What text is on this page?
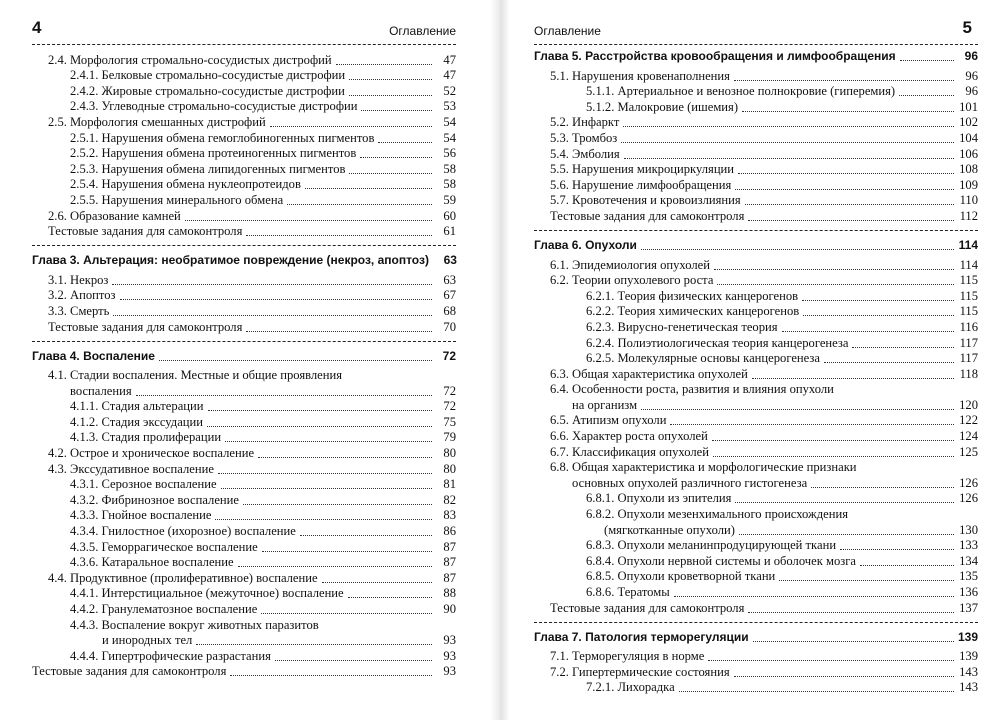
4	Оглавление
2.4. Морфология стромально-сосудистых дистрофий	47
2.4.1. Белковые стромально-сосудистые дистрофии	47
2.4.2. Жировые стромально-сосудистые дистрофии	52
2.4.3. Углеводные стромально-сосудистые дистрофии	53
2.5. Морфология смешанных дистрофий	54
2.5.1. Нарушения обмена гемоглобиногенных пигментов	54
2.5.2. Нарушения обмена протеиногенных пигментов	56
2.5.3. Нарушения обмена липидогенных пигментов	58
2.5.4. Нарушения обмена нуклеопротеидов	58
2.5.5. Нарушения минерального обмена	59
2.6. Образование камней	60
Тестовые задания для самоконтроля	61
Глава 3. Альтерация: необратимое повреждение (некроз, апоптоз)	63
3.1. Некроз	63
3.2. Апоптоз	67
3.3. Смерть	68
Тестовые задания для самоконтроля	70
Глава 4. Воспаление	72
4.1. Стадии воспаления. Местные и общие проявления
воспаления	72
4.1.1. Стадия альтерации	72
4.1.2. Стадия экссудации	75
4.1.3. Стадия пролиферации	79
4.2. Острое и хроническое воспаление	80
4.3. Экссудативное воспаление	80
4.3.1. Серозное воспаление	81
4.3.2. Фибринозное воспаление	82
4.3.3. Гнойное воспаление	83
4.3.4. Гнилостное (ихорозное) воспаление	86
4.3.5. Геморрагическое воспаление	87
4.3.6. Катаральное воспаление	87
4.4. Продуктивное (пролиферативное) воспаление	87
4.4.1. Интерстициальное (межуточное) воспаление	88
4.4.2. Гранулематозное воспаление	90
4.4.3. Воспаление вокруг животных паразитов
и инородных тел	93
4.4.4. Гипертрофические разрастания	93
Тестовые задания для самоконтроля	93
Оглавление	5
Глава 5. Расстройства кровообращения и лимфообращения	96
5.1. Нарушения кровенаполнения	96
5.1.1. Артериальное и венозное полнокровие (гиперемия)	96
5.1.2. Малокровие (ишемия)	101
5.2. Инфаркт	102
5.3. Тромбоз	104
5.4. Эмболия	106
5.5. Нарушения микроциркуляции	108
5.6. Нарушение лимфообращения	109
5.7. Кровотечения и кровоизлияния	110
Тестовые задания для самоконтроля	112
Глава 6. Опухоли	114
6.1. Эпидемиология опухолей	114
6.2. Теории опухолевого роста	115
6.2.1. Теория физических канцерогенов	115
6.2.2. Теория химических канцерогенов	115
6.2.3. Вирусно-генетическая теория	116
6.2.4. Полиэтиологическая теория канцерогенеза	117
6.2.5. Молекулярные основы канцерогенеза	117
6.3. Общая характеристика опухолей	118
6.4. Особенности роста, развития и влияния опухоли
на организм	120
6.5. Атипизм опухоли	122
6.6. Характер роста опухолей	124
6.7. Классификация опухолей	125
6.8. Общая характеристика и морфологические признаки
основных опухолей различного гистогенеза	126
6.8.1. Опухоли из эпителия	126
6.8.2. Опухоли мезенхимального происхождения
(мягкотканные опухоли)	130
6.8.3. Опухоли меланинпродуцирующей ткани	133
6.8.4. Опухоли нервной системы и оболочек мозга	134
6.8.5. Опухоли кроветворной ткани	135
6.8.6. Тератомы	136
Тестовые задания для самоконтроля	137
Глава 7. Патология терморегуляции	139
7.1. Терморегуляция в норме	139
7.2. Гипертермические состояния	143
7.2.1. Лихорадка	143
